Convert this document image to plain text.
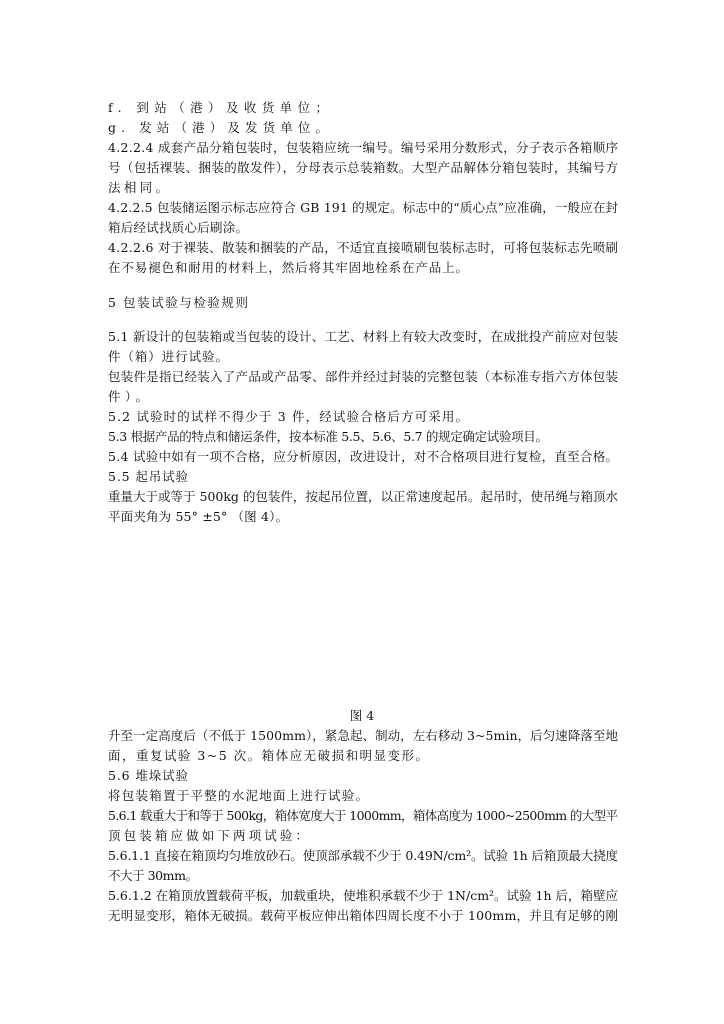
f. 到站（港）及收货单位；

g. 发站（港）及发货单位。

4.2.2.4 成套产品分箱包装时，包装箱应统一编号。编号采用分数形式，分子表示各箱顺序

号（包括裸装、捆装的散发件），分母表示总装箱数。大型产品解体分箱包装时，其编号方

法相同。

4.2.2.5 包装储运图示标志应符合 GB 191 的规定。标志中的“质心点”应准确，一般应在封

箱后经试找质心后刷涂。

4.2.2.6 对于裸装、散装和捆装的产品，不适宜直接喷刷包装标志时，可将包装标志先喷刷

在不易褪色和耐用的材料上，然后将其牢固地栓系在产品上。

5 包装试验与检验规则

5.1 新设计的包装箱或当包装的设计、工艺、材料上有较大改变时，在成批投产前应对包装

件（箱）进行试验。

包装件是指已经装入了产品或产品零、部件并经过封装的完整包装（本标准专指六方体包装

件）。

5.2 试验时的试样不得少于 3 件，经试验合格后方可采用。

5.3 根据产品的特点和储运条件，按本标准 5.5、5.6、5.7 的规定确定试验项目。

5.4 试验中如有一项不合格，应分析原因，改进设计，对不合格项目进行复检，直至合格。

5.5 起吊试验

重量大于或等于 500kg 的包装件，按起吊位置，以正常速度起吊。起吊时，使吊绳与箱顶水

平面夹角为 55° ±5° （图 4）。

图 4

升至一定高度后（不低于 1500mm），紧急起、制动，左右移动 3~5min，后匀速降落至地

面，重复试验 3~5 次。箱体应无破损和明显变形。

5.6 堆垛试验

将包装箱置于平整的水泥地面上进行试验。

5.6.1 载重大于和等于 500kg，箱体宽度大于 1000mm，箱体高度为 1000~2500mm 的大型平

顶包装箱应做如下两项试验：

5.6.1.1 直接在箱顶均匀堆放砂石。使顶部承载不少于 0.49N/cm²。试验 1h 后箱顶最大挠度

不大于 30mm。

5.6.1.2 在箱顶放置载荷平板，加载重块，使堆积承载不少于 1N/cm²。试验 1h 后，箱壁应

无明显变形，箱体无破损。载荷平板应伸出箱体四周长度不小于 100mm，并且有足够的刚
